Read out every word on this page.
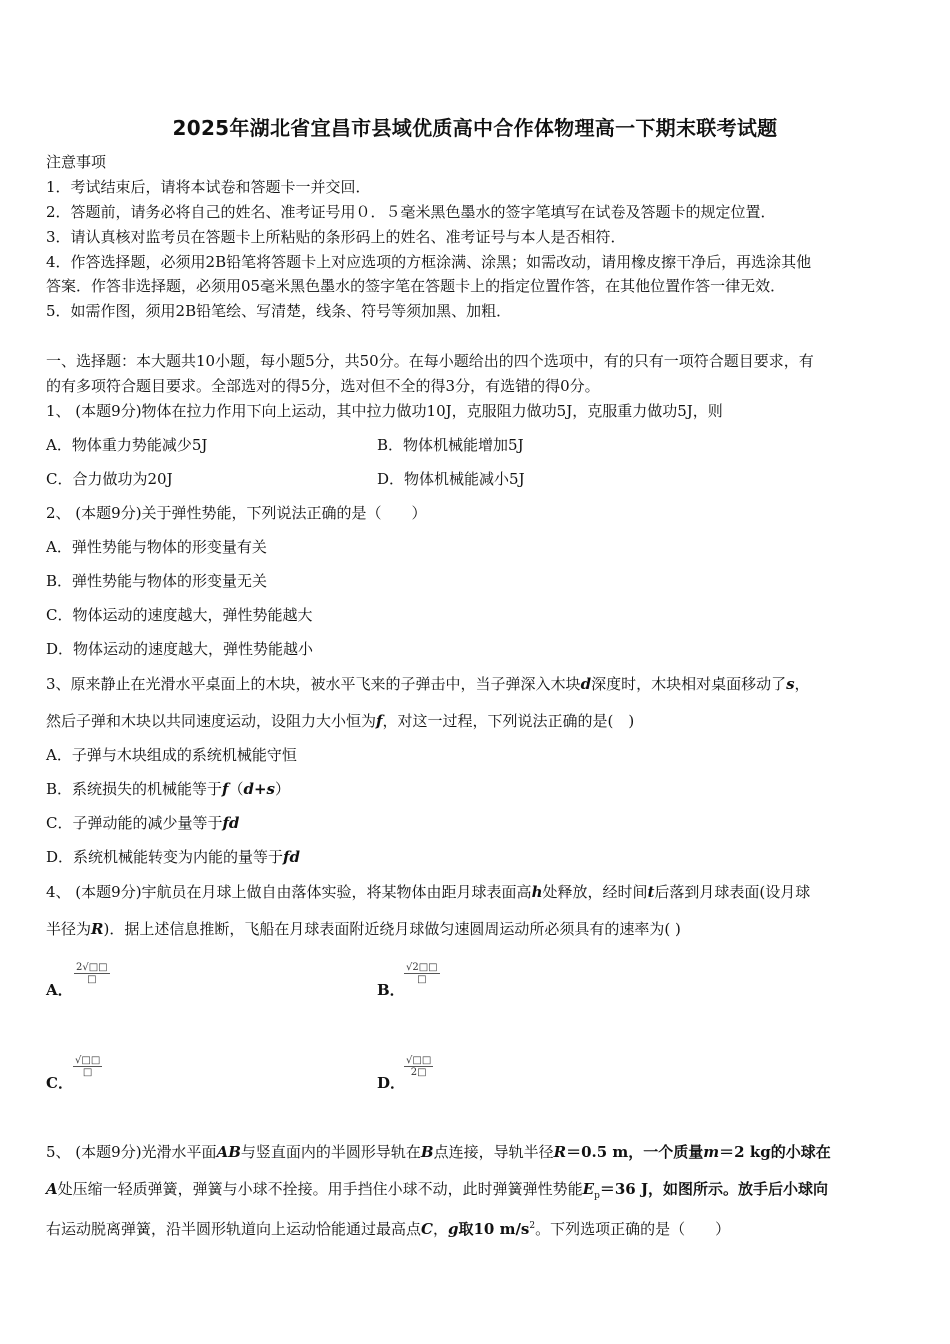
2025年湖北省宜昌市县域优质高中合作体物理高一下期末联考试题
注意事项
1．考试结束后，请将本试卷和答题卡一并交回．
2．答题前，请务必将自己的姓名、准考证号用０．５毫米黑色墨水的签字笔填写在试卷及答题卡的规定位置．
3．请认真核对监考员在答题卡上所粘贴的条形码上的姓名、准考证号与本人是否相符．
4．作答选择题，必须用2B铅笔将答题卡上对应选项的方框涂满、涂黑；如需改动，请用橡皮擦干净后，再选涂其他
答案．作答非选择题，必须用05毫米黑色墨水的签字笔在答题卡上的指定位置作答，在其他位置作答一律无效．
5．如需作图，须用2B铅笔绘、写清楚，线条、符号等须加黑、加粗．
一、选择题：本大题共10小题，每小题5分，共50分。在每小题给出的四个选项中，有的只有一项符合题目要求，有
的有多项符合题目要求。全部选对的得5分，选对但不全的得3分，有选错的得0分。
1、 (本题9分)物体在拉力作用下向上运动，其中拉力做功10J，克服阻力做功5J，克服重力做功5J，则
A．物体重力势能减少5J	B．物体机械能增加5J
C．合力做功为20J	D．物体机械能减小5J
2、 (本题9分)关于弹性势能，下列说法正确的是（　　）
A．弹性势能与物体的形变量有关
B．弹性势能与物体的形变量无关
C．物体运动的速度越大，弹性势能越大
D．物体运动的速度越大，弹性势能越小
3、原来静止在光滑水平桌面上的木块，被水平飞来的子弹击中，当子弹深入木块d深度时，木块相对桌面移动了s，
然后子弹和木块以共同速度运动，设阻力大小恒为f，对这一过程，下列说法正确的是(　)
A．子弹与木块组成的系统机械能守恒
B．系统损失的机械能等于f（d+s）
C．子弹动能的减少量等于fd
D．系统机械能转变为内能的量等于fd
4、 (本题9分)宇航员在月球上做自由落体实验，将某物体由距月球表面高h处释放，经时间t后落到月球表面(设月球
半径为R)．据上述信息推断，飞船在月球表面附近绕月球做匀速圆周运动所必须具有的速率为( )
A．
2√□□
□
B．
√2□□
□
C．
√□□
□
D．
√□□
2□
5、 (本题9分)光滑水平面AB与竖直面内的半圆形导轨在B点连接，导轨半径R＝0.5 m，一个质量m＝2 kg的小球在
A处压缩一轻质弹簧，弹簧与小球不拴接。用手挡住小球不动，此时弹簧弹性势能$E_p=36$ J，如图所示。放手后小球向
右运动脱离弹簧，沿半圆形轨道向上运动恰能通过最高点C，g取10 $m/s^2$。下列选项正确的是（　　）
